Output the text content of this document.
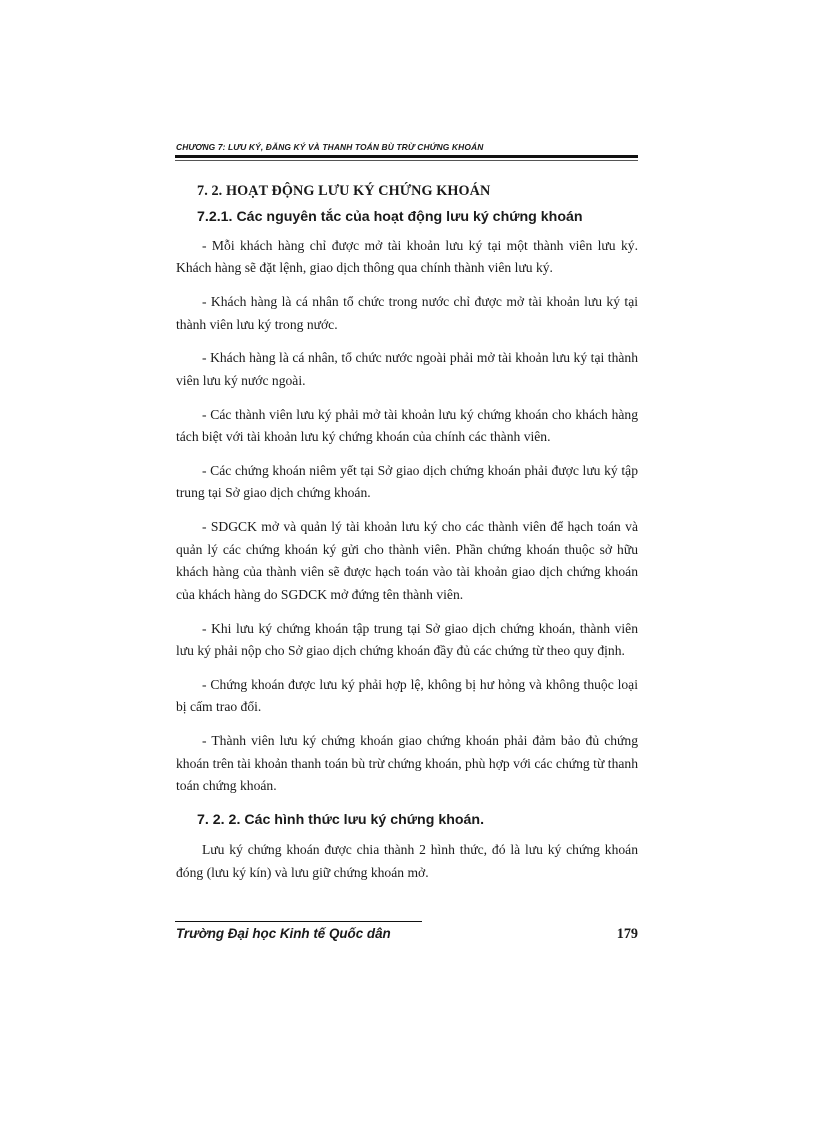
CHƯƠNG 7: LƯU KÝ, ĐĂNG KÝ VÀ THANH TOÁN BÙ TRỪ CHỨNG KHOÁN
7. 2. HOẠT ĐỘNG LƯU KÝ CHỨNG KHOÁN
7.2.1. Các nguyên tắc của hoạt động lưu ký chứng khoán

- Mỗi khách hàng chỉ được mở tài khoản lưu ký tại một thành viên lưu ký. Khách hàng sẽ đặt lệnh, giao dịch thông qua chính thành viên lưu ký.

- Khách hàng là cá nhân tổ chức trong nước chỉ được mở tài khoản lưu ký tại thành viên lưu ký trong nước.

- Khách hàng là cá nhân, tổ chức nước ngoài phải mở tài khoản lưu ký tại thành viên lưu ký nước ngoài.

- Các thành viên lưu ký phải mở tài khoản lưu ký chứng khoán cho khách hàng tách biệt với tài khoản lưu ký chứng khoán của chính các thành viên.

- Các chứng khoán niêm yết tại Sở giao dịch chứng khoán phải được lưu ký tập trung tại Sở giao dịch chứng khoán.

- SDGCK mở và quản lý tài khoản lưu ký cho các thành viên để hạch toán và quản lý các chứng khoán ký gửi cho thành viên. Phần chứng khoán thuộc sở hữu khách hàng của thành viên sẽ được hạch toán vào tài khoản giao dịch chứng khoán của khách hàng do SGDCK mở đứng tên thành viên.

- Khi lưu ký chứng khoán tập trung tại Sở giao dịch chứng khoán, thành viên lưu ký phải nộp cho Sở giao dịch chứng khoán đầy đủ các chứng từ theo quy định.

- Chứng khoán được lưu ký phải hợp lệ, không bị hư hỏng và không thuộc loại bị cấm trao đổi.

- Thành viên lưu ký chứng khoán giao chứng khoán phải đảm bảo đủ chứng khoán trên tài khoản thanh toán bù trừ chứng khoán, phù hợp với các chứng từ thanh toán chứng khoán.

7. 2. 2. Các hình thức lưu ký chứng khoán.

Lưu ký chứng khoán được chia thành 2 hình thức, đó là lưu ký chứng khoán đóng (lưu ký kín) và lưu giữ chứng khoán mở.

Trường Đại học Kinh tế Quốc dân	179
